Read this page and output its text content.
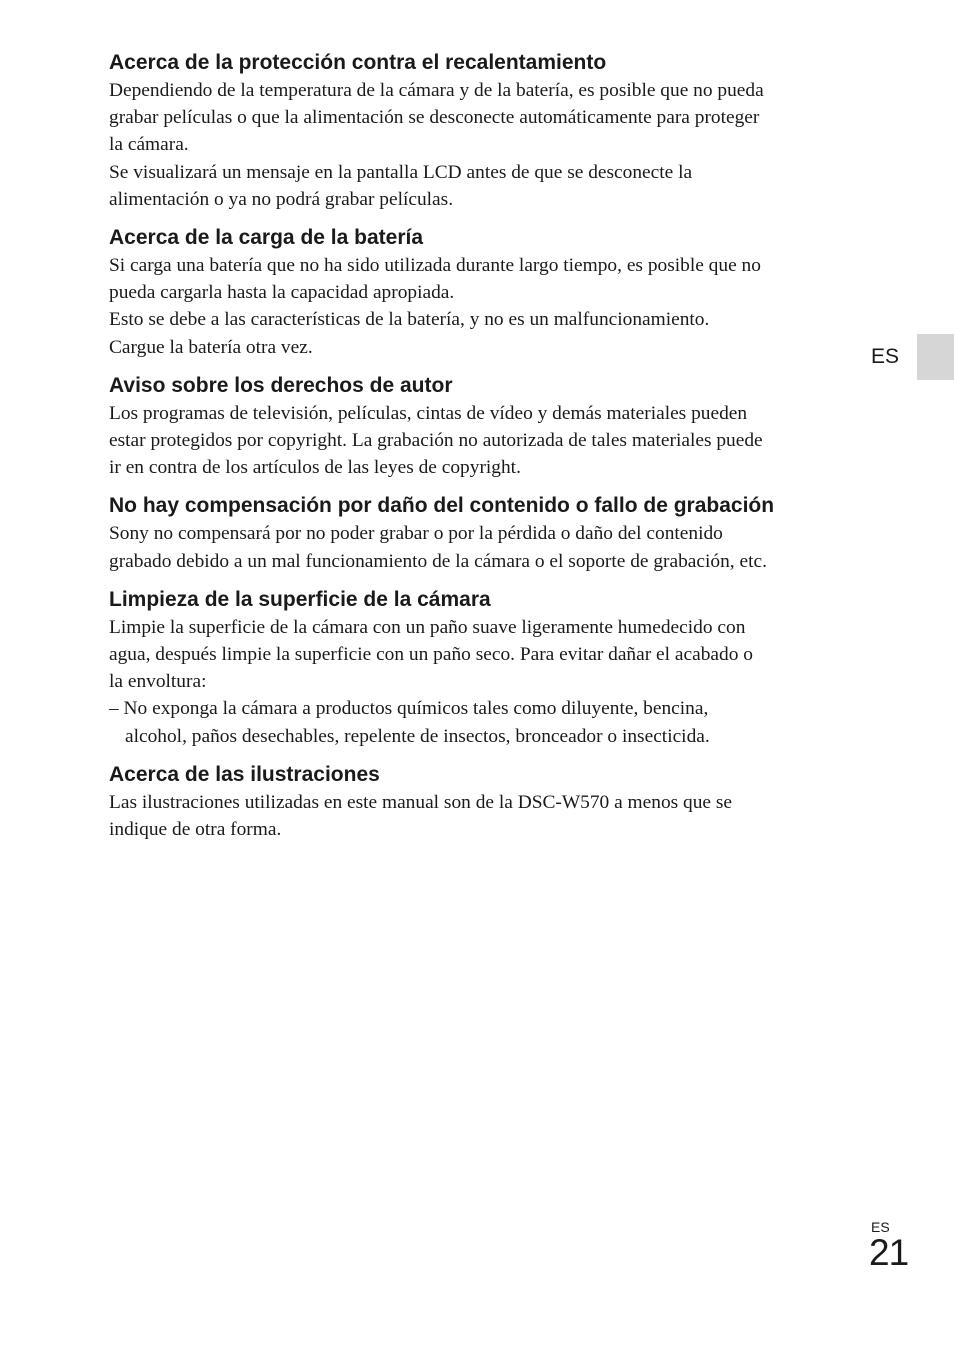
Acerca de la protección contra el recalentamiento
Dependiendo de la temperatura de la cámara y de la batería, es posible que no pueda
grabar películas o que la alimentación se desconecte automáticamente para proteger
la cámara.
Se visualizará un mensaje en la pantalla LCD antes de que se desconecte la
alimentación o ya no podrá grabar películas.
Acerca de la carga de la batería
Si carga una batería que no ha sido utilizada durante largo tiempo, es posible que no
pueda cargarla hasta la capacidad apropiada.
Esto se debe a las características de la batería, y no es un malfuncionamiento.
Cargue la batería otra vez.
Aviso sobre los derechos de autor
Los programas de televisión, películas, cintas de vídeo y demás materiales pueden
estar protegidos por copyright. La grabación no autorizada de tales materiales puede
ir en contra de los artículos de las leyes de copyright.
No hay compensación por daño del contenido o fallo de grabación
Sony no compensará por no poder grabar o por la pérdida o daño del contenido
grabado debido a un mal funcionamiento de la cámara o el soporte de grabación, etc.
Limpieza de la superficie de la cámara
Limpie la superficie de la cámara con un paño suave ligeramente humedecido con
agua, después limpie la superficie con un paño seco. Para evitar dañar el acabado o
la envoltura:
– No exponga la cámara a productos químicos tales como diluyente, bencina,
alcohol, paños desechables, repelente de insectos, bronceador o insecticida.
Acerca de las ilustraciones
Las ilustraciones utilizadas en este manual son de la DSC-W570 a menos que se
indique de otra forma.
ES
ES
21
